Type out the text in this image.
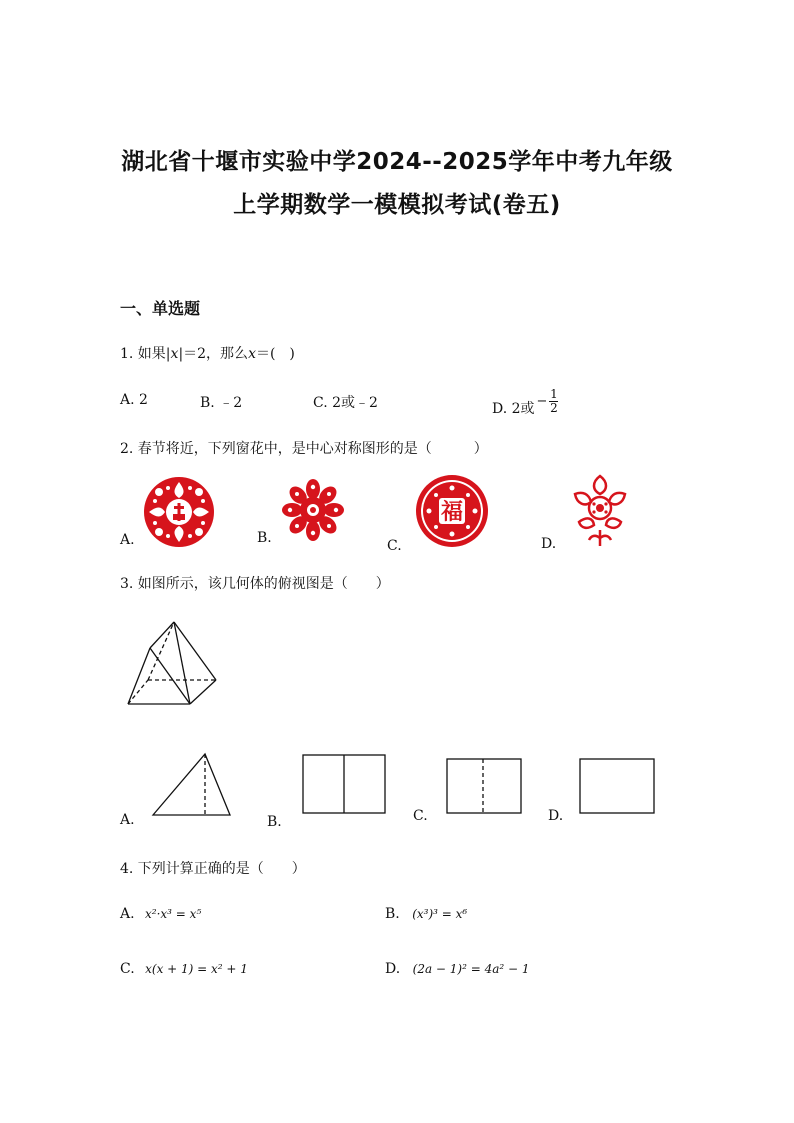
湖北省十堰市实验中学2024--2025学年中考九年级
上学期数学一模模拟考试(卷五)
一、单选题
1. 如果|x|＝2，那么x＝(　)
A. 2	B. ﹣2	C. 2或﹣2	D. 2或 − $\frac{1}{2}$
2. 春节将近，下列窗花中，是中心对称图形的是（　　　）
A.	B.	C.
福
D.
3. 如图所示，该几何体的俯视图是（　　）
A.	B.	C.	D.
4. 下列计算正确的是（　　）
A. x²·x³ = x⁵	B. (x³)³ = x⁶
C. x(x + 1) = x² + 1	D. (2a − 1)² = 4a² − 1
